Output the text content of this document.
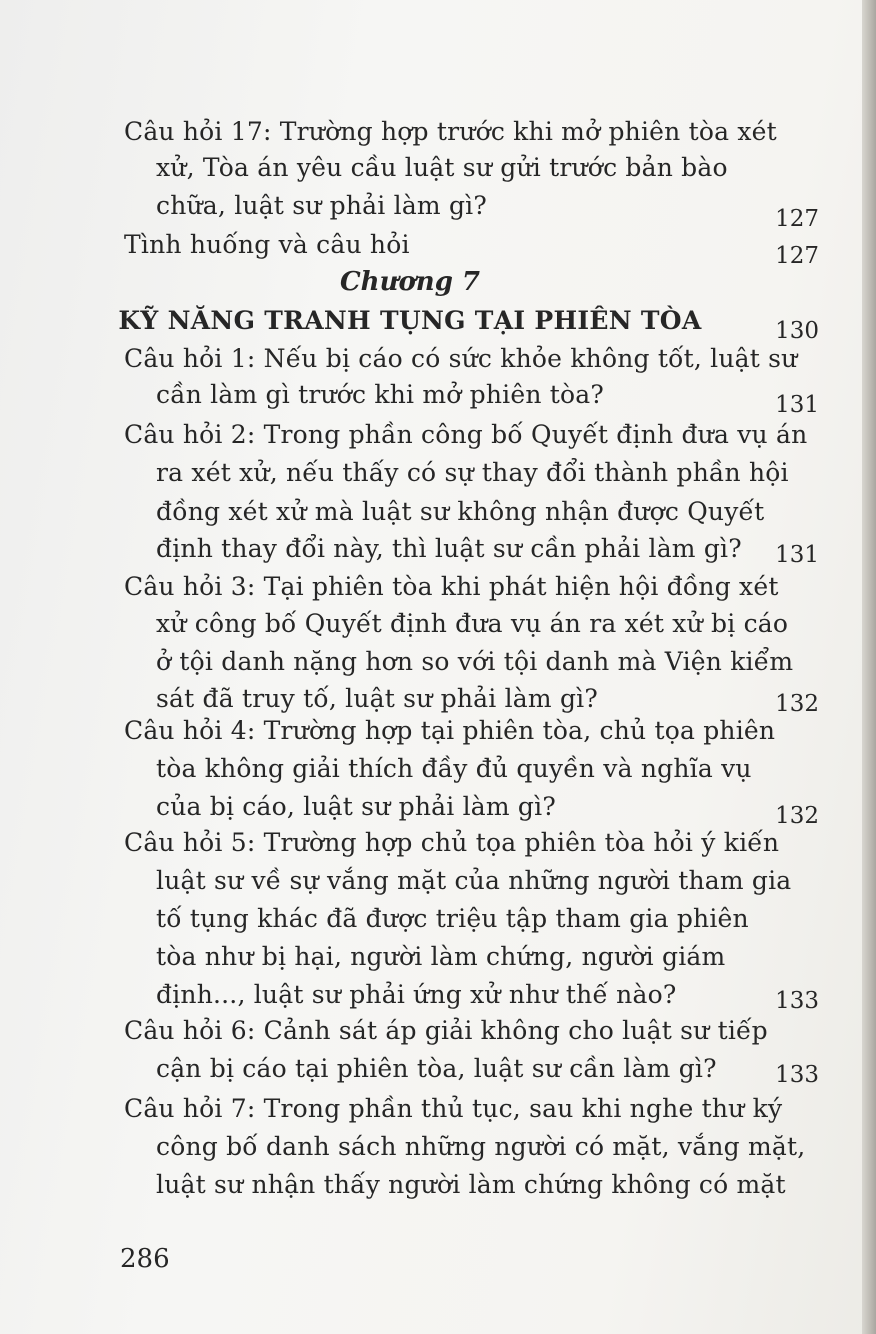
Câu hỏi 17: Trường hợp trước khi mở phiên tòa xét
xử, Tòa án yêu cầu luật sư gửi trước bản bào
chữa, luật sư phải làm gì?	127
Tình huống và câu hỏi	127
Chương 7
KỸ NĂNG TRANH TỤNG TẠI PHIÊN TÒA	130
Câu hỏi 1: Nếu bị cáo có sức khỏe không tốt, luật sư
cần làm gì trước khi mở phiên tòa?	131
Câu hỏi 2: Trong phần công bố Quyết định đưa vụ án
ra xét xử, nếu thấy có sự thay đổi thành phần hội
đồng xét xử mà luật sư không nhận được Quyết
định thay đổi này, thì luật sư cần phải làm gì? 131
Câu hỏi 3: Tại phiên tòa khi phát hiện hội đồng xét
xử công bố Quyết định đưa vụ án ra xét xử bị cáo
ở tội danh nặng hơn so với tội danh mà Viện kiểm
sát đã truy tố, luật sư phải làm gì?	132
Câu hỏi 4: Trường hợp tại phiên tòa, chủ tọa phiên
tòa không giải thích đầy đủ quyền và nghĩa vụ
của bị cáo, luật sư phải làm gì?	132
Câu hỏi 5: Trường hợp chủ tọa phiên tòa hỏi ý kiến
luật sư về sự vắng mặt của những người tham gia
tố tụng khác đã được triệu tập tham gia phiên
tòa như bị hại, người làm chứng, người giám
định..., luật sư phải ứng xử như thế nào?	133
Câu hỏi 6: Cảnh sát áp giải không cho luật sư tiếp
cận bị cáo tại phiên tòa, luật sư cần làm gì?	133
Câu hỏi 7: Trong phần thủ tục, sau khi nghe thư ký
công bố danh sách những người có mặt, vắng mặt,
luật sư nhận thấy người làm chứng không có mặt
286
